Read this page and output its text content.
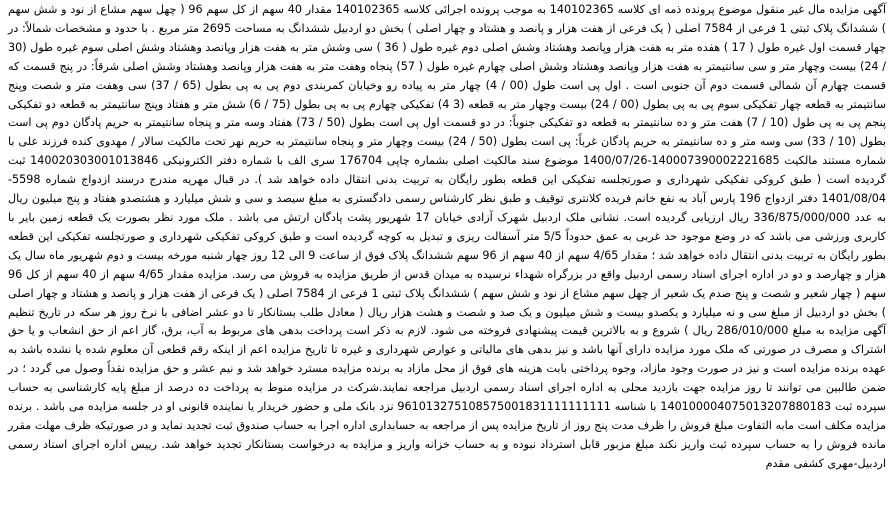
آگهی مزایده مال غیر منقول موضوع پرونده ذمه ای کلاسه 140102365 به موجب پرونده اجرائی کلاسه 140102365 مقدار 40 سهم از کل سهم 96 ( چهل سهم مشاع از نود و شش سهم ) ششدانگ پلاک ثبتی 1 فرعی از 7584 اصلی ( یک فرعی از هفت هزار و پانصد و هشتاد و چهار اصلی ) بخش دو اردبیل ششدانگ به مساحت 2695 متر مربع . با حدود و مشخصات شمالاً: در چهار قسمت اول غیره طول ( 17 ) هفده متر به هفت هزار وپانصد وهشتاد وشش اصلی دوم غیره طول ( 36 ) سی وشش متر به هفت هزار وپانصد وهشتاد وشش اصلی سوم غیره طول (30 / 24) بیست وچهار متر و سی سانتیمتر به هفت هزار وپانصد وهشتاد وشش اصلی چهارم غیره طول ( 57) پنجاه وهفت متر به هفت هزار وپانصد وهشتاد وشش اصلی شرقاً: در پنج قسمت که قسمت چهارم آن شمالی قسمت دوم آن جنوبی است . اول پی است طول (00 / 4) چهار متر به پیاده رو وخیابان کمربندی دوم پی به پی بطول (65 / 37) سی وهفت متر و شصت وپنج سانتیمتر به قطعه چهار تفکیکی سوم پی به پی بطول (00 / 24) بیست وچهار متر به قطعه (3 4) تفکیکی چهارم پی به پی بطول (75 / 6) شش متر و هفتاد وپنج سانتیمتر به قطعه دو تفکیکی پنجم پی به پی طول (10 / 7) هفت متر و ده سانتیمتر به قطعه دو تفکیکی جنوباً: در دو قسمت اول پی است بطول (50 / 73) هفتاد وسه متر و پنجاه سانتیمتر به حریم پادگان دوم پی است بطول (10 / 33) سی وسه متر و ده سانتیمتر به حریم پادگان غرباً: پی است بطول (50 / 24) بیست وچهار متر و پنجاه سانتیمتر به حریم نهر تحت مالکیت سالار / مهدوی کنده فرزند علی با شماره مستند مالکیت 140007390002221685-1400/07/26 موضوع سند مالکیت اصلی بشماره چاپی 176704 سری الف با شماره دفتر الکترونیکی 140020303001013846 ثبت گردیده است ( طبق کروکی تفکیکی شهرداری و صورتجلسه تفکیکی این قطعه بطور رایگان به تربیت بدنی انتقال داده خواهد شد ). در قبال مهریه مندرج درسند ازدواج شماره 5598- 1401/08/04 دفتر ازدواج 196 پارس آباد به نفع خانم فریده کلانتری توقیف و طبق نظر کارشناس رسمی دادگستری به مبلغ سیصد و سی و شش میلیارد و هشتصدو هفتاد و پنج میلیون ریال به عدد 336/875/000/000 ریال ارزیابی گردیده است. نشانی ملک اردبیل شهرک آزادی خیابان 17 شهریور پشت پادگان ارتش می باشد . ملک مورد نظر بصورت یک قطعه زمین بایر با کاربری ورزشی می باشد که در وضع موجود حد غربی به عمق حدوداً 5/5 متر آسفالت ریزی و تبدیل به کوچه گردیده است و طبق کروکی تفکیکی شهرداری و صورتجلسه تفکیکی این قطعه بطور رایگان به تربیت بدنی انتقال داده خواهد شد ؛ مقدار 4/65 سهم از 40 سهم از 96 سهم ششدانگ پلاک فوق از ساعت 9 الی 12 روز چهار شنبه مورخه بیست و دوم شهریور ماه سال یک هزار و چهارصد و دو در اداره اجرای اسناد رسمی اردبیل واقع در بزرگراه شهداء نرسیده به میدان قدس از طریق مزایده به فروش می رسد. مزایده مقدار 4/65 سهم از 40 سهم از کل 96 سهم ( چهار شعیر و شصت و پنج صدم یک شعیر از چهل سهم مشاع از نود و شش سهم ) ششدانگ پلاک ثبتی 1 فرعی از 7584 اصلی ( یک فرعی از هفت هزار و پانصد و هشتاد و چهار اصلی ) بخش دو اردبیل از مبلغ سی و نه میلیارد و یکصدو بیست و شش میلیون و یک صد و شصت و هشت هزار ریال ( معادل طلب بستانکار تا دو عشر اضافی با نرخ روز هر سکه در تاریخ تنظیم آگهی مزایده به مبلغ 286/010/000 ریال ) شروع و به بالاترین قیمت پیشنهادی فروخته می شود. لازم به ذکر است پرداخت بدهی های مربوط به آب، برق، گاز اعم از حق انشعاب و یا حق اشتراک و مصرف در صورتی که ملک مورد مزایده دارای آنها باشد و نیز بدهی های مالیاتی و عوارض شهرداری و غیره تا تاریخ مزایده اعم از اینکه رقم قطعی آن معلوم شده یا نشده باشد به عهده برنده مزایده است و نیز در صورت وجود مازاد، وجوه پرداختی بابت هزینه های فوق از محل مازاد به برنده مزایده مسترد خواهد شد و نیم عشر و حق مزایده نقداً وصول می گردد ؛ در ضمن طالبین می توانند تا روز مزایده جهت بازدید محلی به اداره اجرای اسناد رسمی اردبیل مراجعه نمایند.شرکت در مزایده منوط به پرداخت ده درصد از مبلغ پایه کارشناسی به حساب سپرده ثبت 140100004075013207880183 با شناسه 961013275108575001831111111111 نزد بانک ملی و حضور خریدار یا نماینده قانونی او در جلسه مزایده می باشد . برنده مزایده مکلف است مابه التفاوت مبلغ فروش را ظرف مدت پنج روز از تاریخ مزایده پس از مراجعه به حسابداری اداره اجرا به حساب صندوق ثبت تجدید نماید و در صورتیکه ظرف مهلت مقرر مانده فروش را به حساب سپرده ثبت واریز نکند مبلغ مزبور قابل استرداد نبوده و به حساب خزانه واریز و مزایده به درخواست بستانکار تجدید خواهد شد. رییس اداره اجرای اسناد رسمی اردبیل-مهری کشفی مقدم
